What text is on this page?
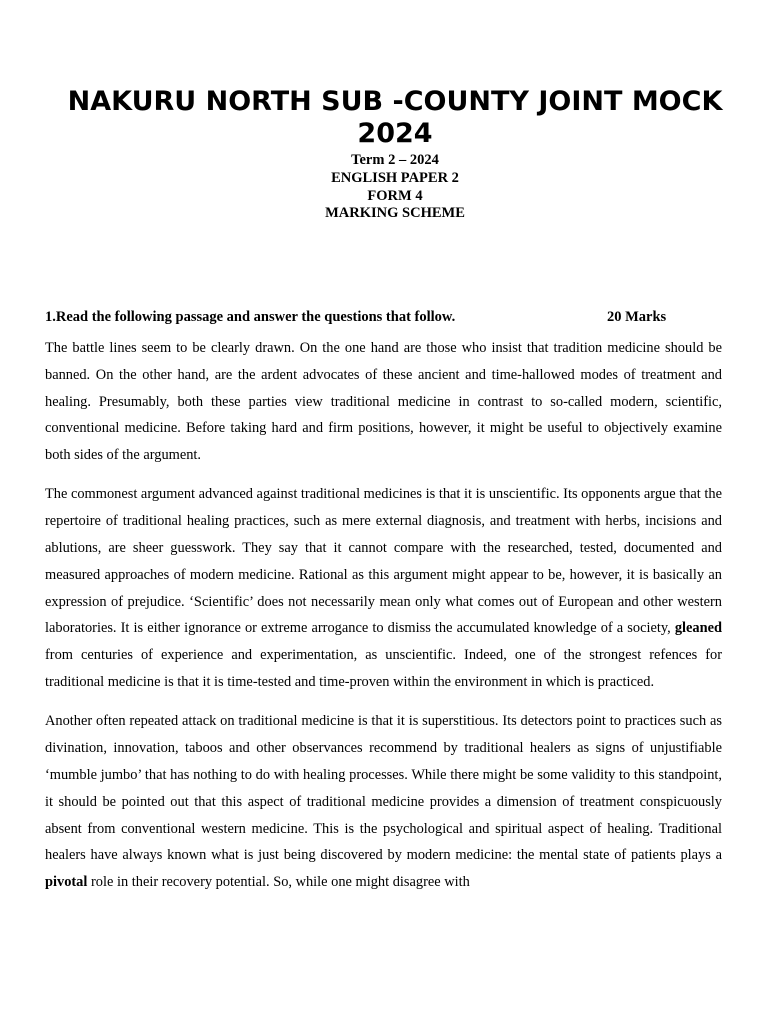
NAKURU NORTH SUB -COUNTY JOINT MOCK 2024
Term 2 – 2024
ENGLISH PAPER 2
FORM 4
MARKING SCHEME
1.Read the following passage and answer the questions that follow.	20 Marks

The battle lines seem to be clearly drawn. On the one hand are those who insist that tradition medicine should be banned. On the other hand, are the ardent advocates of these ancient and time-hallowed modes of treatment and healing. Presumably, both these parties view traditional medicine in contrast to so-called modern, scientific, conventional medicine. Before taking hard and firm positions, however, it might be useful to objectively examine both sides of the argument.

The commonest argument advanced against traditional medicines is that it is unscientific. Its opponents argue that the repertoire of traditional healing practices, such as mere external diagnosis, and treatment with herbs, incisions and ablutions, are sheer guesswork. They say that it cannot compare with the researched, tested, documented and measured approaches of modern medicine. Rational as this argument might appear to be, however, it is basically an expression of prejudice. ‘Scientific’ does not necessarily mean only what comes out of European and other western laboratories. It is either ignorance or extreme arrogance to dismiss the accumulated knowledge of a society, gleaned from centuries of experience and experimentation, as unscientific. Indeed, one of the strongest refences for traditional medicine is that it is time-tested and time-proven within the environment in which is practiced.

Another often repeated attack on traditional medicine is that it is superstitious. Its detectors point to practices such as divination, innovation, taboos and other observances recommend by traditional healers as signs of unjustifiable ‘mumble jumbo’ that has nothing to do with healing processes. While there might be some validity to this standpoint, it should be pointed out that this aspect of traditional medicine provides a dimension of treatment conspicuously absent from conventional western medicine. This is the psychological and spiritual aspect of healing. Traditional healers have always known what is just being discovered by modern medicine: the mental state of patients plays a pivotal role in their recovery potential. So, while one might disagree with
